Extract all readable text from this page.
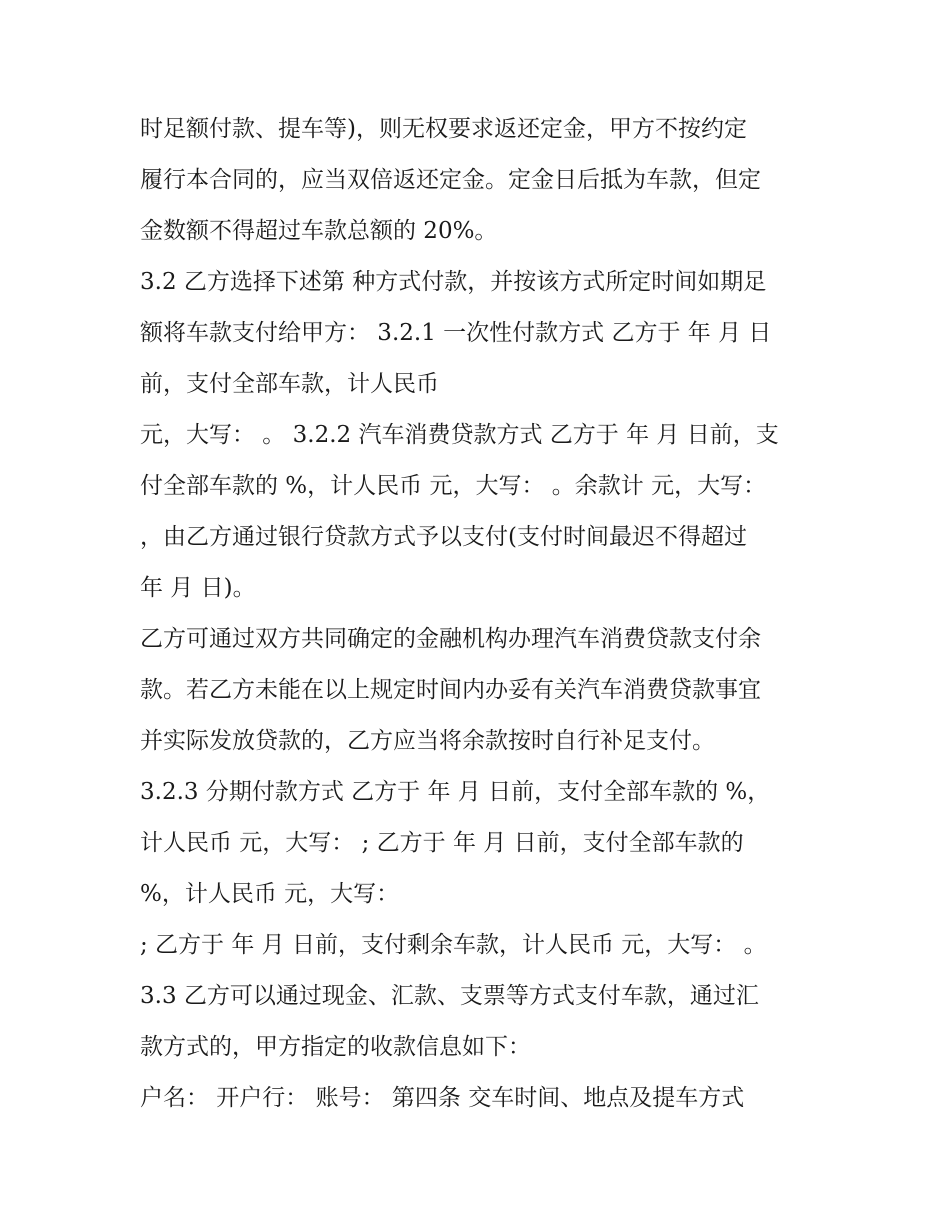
时足额付款、提车等)，则无权要求返还定金，甲方不按约定
履行本合同的，应当双倍返还定金。定金日后抵为车款，但定
金数额不得超过车款总额的 20%。
3.2 乙方选择下述第 种方式付款，并按该方式所定时间如期足
额将车款支付给甲方： 3.2.1 一次性付款方式 乙方于 年 月 日
前，支付全部车款，计人民币
元，大写： 。 3.2.2 汽车消费贷款方式 乙方于 年 月 日前，支
付全部车款的 %，计人民币 元，大写： 。余款计 元，大写：
，由乙方通过银行贷款方式予以支付(支付时间最迟不得超过
年 月 日)。
乙方可通过双方共同确定的金融机构办理汽车消费贷款支付余
款。若乙方未能在以上规定时间内办妥有关汽车消费贷款事宜
并实际发放贷款的，乙方应当将余款按时自行补足支付。
3.2.3 分期付款方式 乙方于 年 月 日前，支付全部车款的 %，
计人民币 元，大写： ; 乙方于 年 月 日前，支付全部车款的
%，计人民币 元，大写：
; 乙方于 年 月 日前，支付剩余车款，计人民币 元，大写： 。
3.3 乙方可以通过现金、汇款、支票等方式支付车款，通过汇
款方式的，甲方指定的收款信息如下：
户名： 开户行： 账号： 第四条 交车时间、地点及提车方式
